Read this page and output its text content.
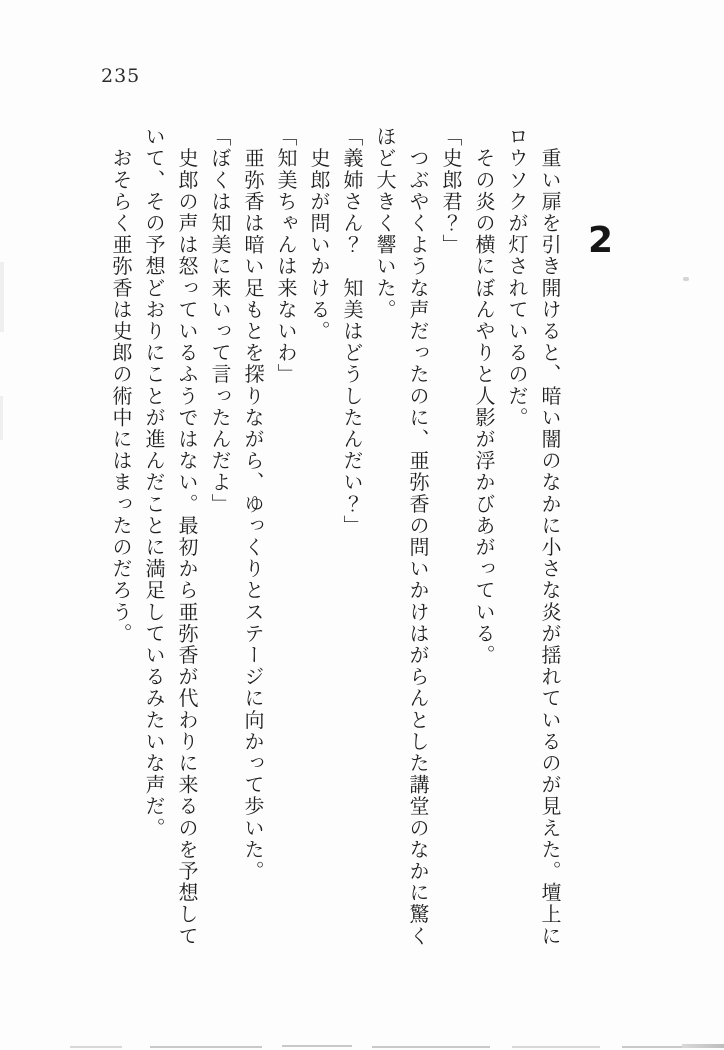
235
2

　重い扉を引き開けると、暗い闇のなかに小さな炎が揺れているのが見えた。壇上に

ロウソクが灯されているのだ。

　その炎の横にぼんやりと人影が浮かびあがっている。

「史郎君？」

　つぶやくような声だったのに、亜弥香の問いかけはがらんとした講堂のなかに驚く

ほど大きく響いた。

「義姉さん？　知美はどうしたんだい？」

　史郎が問いかける。

「知美ちゃんは来ないわ」

　亜弥香は暗い足もとを探りながら、ゆっくりとステージに向かって歩いた。

「ぼくは知美に来いって言ったんだよ」

　史郎の声は怒っているふうではない。最初から亜弥香が代わりに来るのを予想して

いて、その予想どおりにことが進んだことに満足しているみたいな声だ。

　おそらく亜弥香は史郎の術中にはまったのだろう。
